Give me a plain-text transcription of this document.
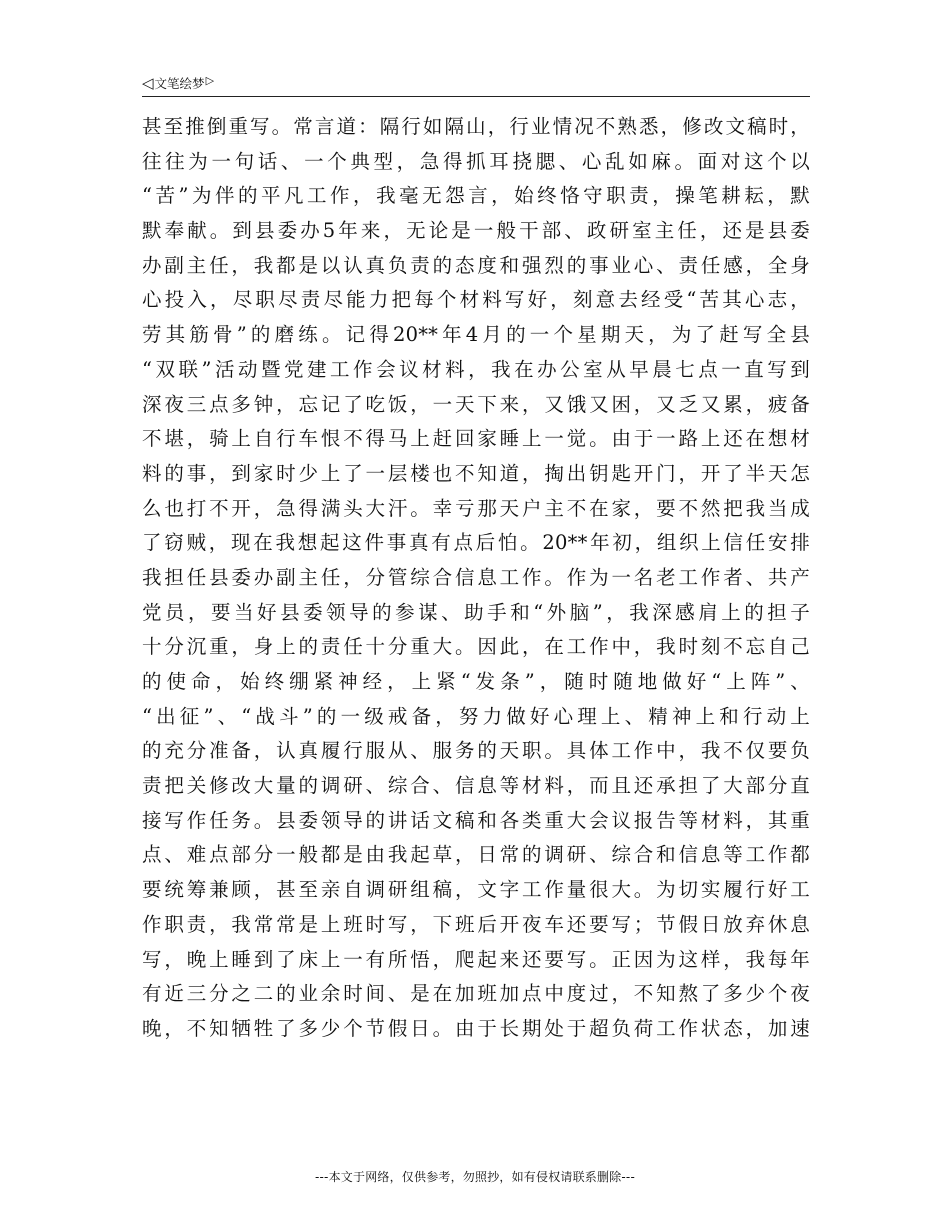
◁ 文笔绘梦 ▷
甚至推倒重写。常言道：隔行如隔山，行业情况不熟悉，修改文稿时，
往往为一句话、一个典型，急得抓耳挠腮、心乱如麻。面对这个以
“苦”为伴的平凡工作，我毫无怨言，始终恪守职责，操笔耕耘，默
默奉献。到县委办5年来，无论是一般干部、政研室主任，还是县委
办副主任，我都是以认真负责的态度和强烈的事业心、责任感，全身
心投入，尽职尽责尽能力把每个材料写好，刻意去经受“苦其心志，
劳其筋骨”的磨练。记得20**年4月的一个星期天，为了赶写全县
“双联”活动暨党建工作会议材料，我在办公室从早晨七点一直写到
深夜三点多钟，忘记了吃饭，一天下来，又饿又困，又乏又累，疲备
不堪，骑上自行车恨不得马上赶回家睡上一觉。由于一路上还在想材
料的事，到家时少上了一层楼也不知道，掏出钥匙开门，开了半天怎
么也打不开，急得满头大汗。幸亏那天户主不在家，要不然把我当成
了窃贼，现在我想起这件事真有点后怕。20**年初，组织上信任安排
我担任县委办副主任，分管综合信息工作。作为一名老工作者、共产
党员，要当好县委领导的参谋、助手和“外脑”，我深感肩上的担子
十分沉重，身上的责任十分重大。因此，在工作中，我时刻不忘自己
的使命，始终绷紧神经，上紧“发条”，随时随地做好“上阵”、
“出征”、“战斗”的一级戒备，努力做好心理上、精神上和行动上
的充分准备，认真履行服从、服务的天职。具体工作中，我不仅要负
责把关修改大量的调研、综合、信息等材料，而且还承担了大部分直
接写作任务。县委领导的讲话文稿和各类重大会议报告等材料，其重
点、难点部分一般都是由我起草，日常的调研、综合和信息等工作都
要统筹兼顾，甚至亲自调研组稿，文字工作量很大。为切实履行好工
作职责，我常常是上班时写，下班后开夜车还要写；节假日放弃休息
写，晚上睡到了床上一有所悟，爬起来还要写。正因为这样，我每年
有近三分之二的业余时间、是在加班加点中度过，不知熬了多少个夜
晚，不知牺牲了多少个节假日。由于长期处于超负荷工作状态，加速
---本文于网络，仅供参考，勿照抄，如有侵权请联系删除---
